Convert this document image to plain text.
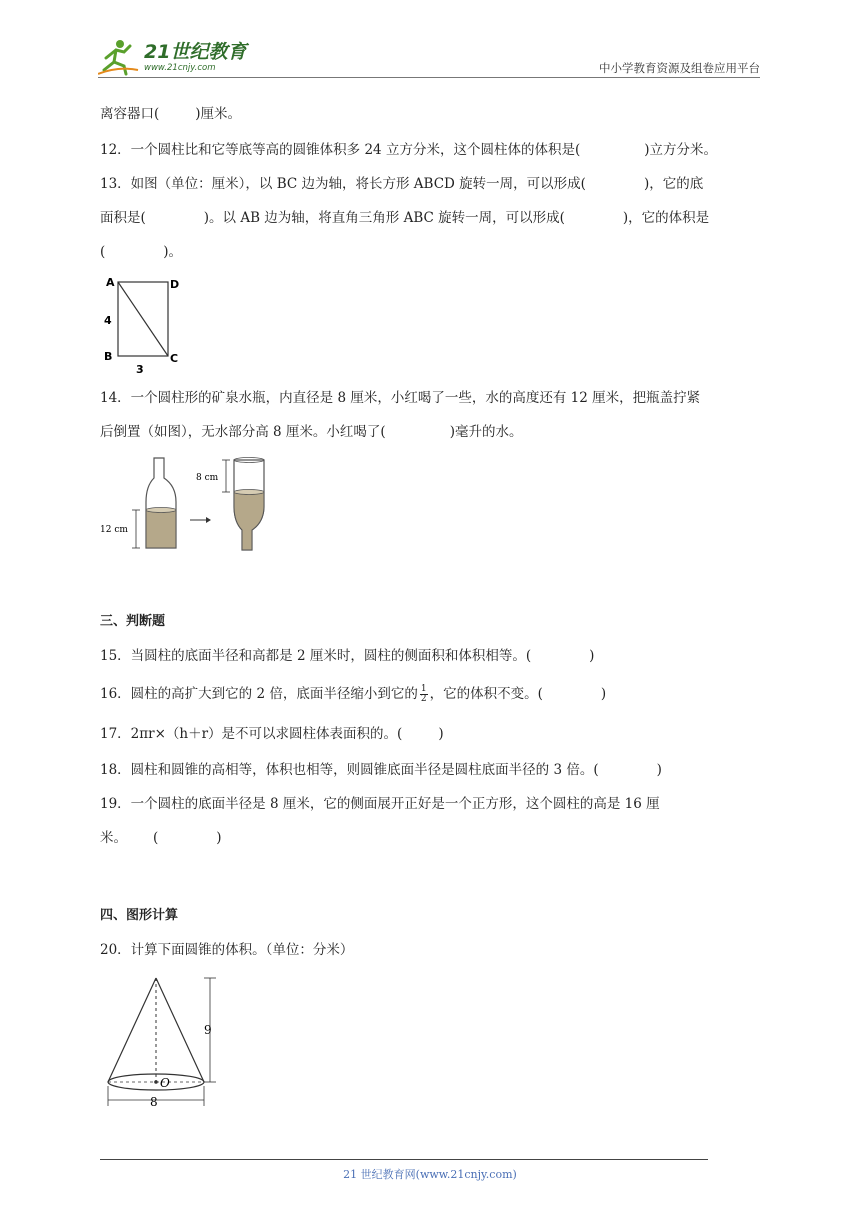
21世纪教育
www.21cnjy.com	中小学教育资源及组卷应用平台
离容器口(	)厘米。
12．一个圆柱比和它等底等高的圆锥体积多 24 立方分米，这个圆柱体的体积是(	)立方分米。
13．如图（单位：厘米），以 BC 边为轴，将长方形 ABCD 旋转一周，可以形成(	)，它的底
面积是(	)。以 AB 边为轴，将直角三角形 ABC 旋转一周，可以形成(	)，它的体积是
(	)。
A	D
B	C
4
3
14．一个圆柱形的矿泉水瓶，内直径是 8 厘米，小红喝了一些，水的高度还有 12 厘米，把瓶盖拧紧
后倒置（如图），无水部分高 8 厘米。小红喝了(	)毫升的水。
12 cm
8 cm
三、判断题
15．当圆柱的底面半径和高都是 2 厘米时，圆柱的侧面积和体积相等。(	)
16．圆柱的高扩大到它的 2 倍，底面半径缩小到它的 $\frac{1}{2}$ ，它的体积不变。(	)
17．2πr×（h＋r）是不可以求圆柱体表面积的。(	)
18．圆柱和圆锥的高相等，体积也相等，则圆锥底面半径是圆柱底面半径的 3 倍。(	)
19．一个圆柱的底面半径是 8 厘米，它的侧面展开正好是一个正方形，这个圆柱的高是 16 厘
米。 (	)
四、图形计算
20．计算下面圆锥的体积。（单位：分米）
O
9
8
21 世纪教育网(www.21cnjy.com)
